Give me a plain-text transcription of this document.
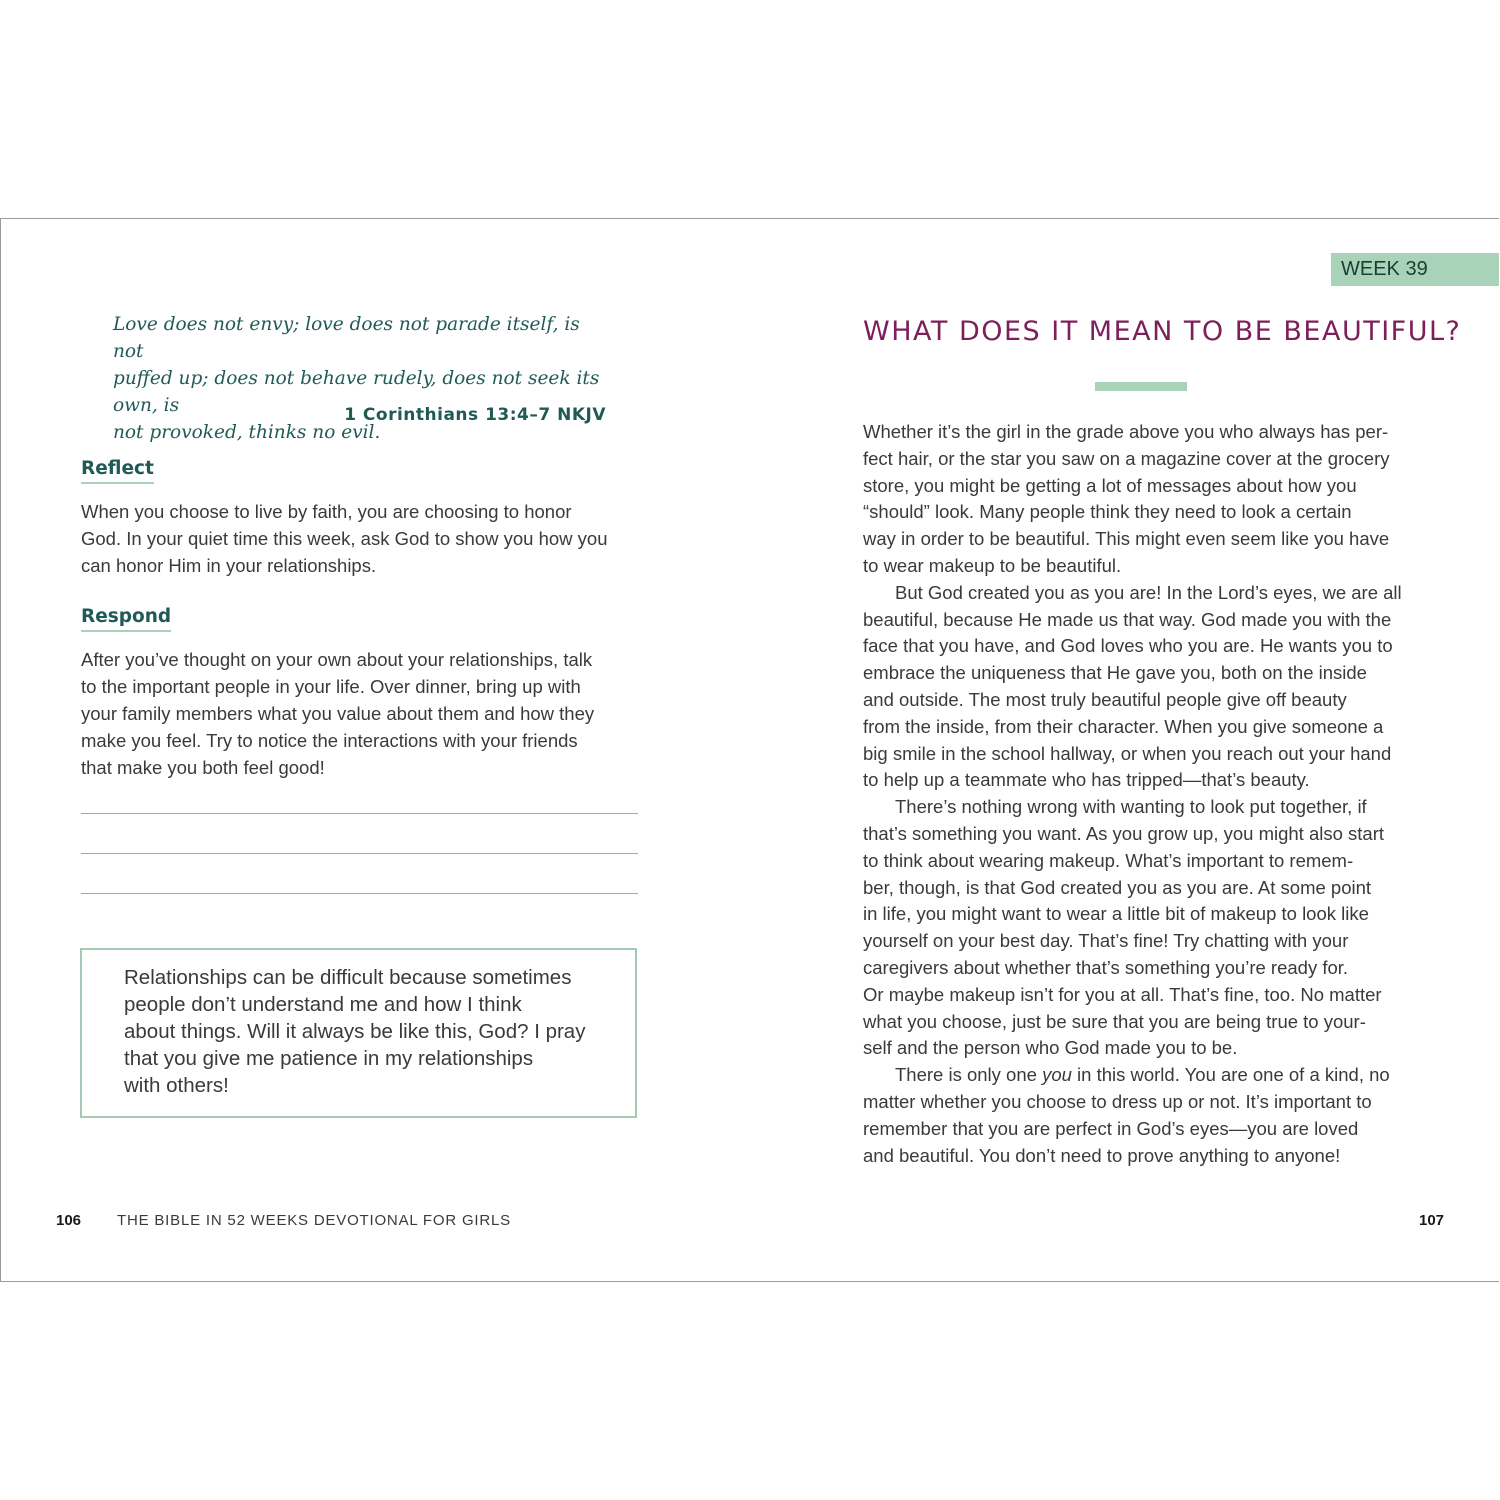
Love does not envy; love does not parade itself, is not
puffed up; does not behave rudely, does not seek its own, is
not provoked, thinks no evil.
1 Corinthians 13:4–7 NKJV
Reflect
When you choose to live by faith, you are choosing to honor
God. In your quiet time this week, ask God to show you how you
can honor Him in your relationships.
Respond
After you’ve thought on your own about your relationships, talk
to the important people in your life. Over dinner, bring up with
your family members what you value about them and how they
make you feel. Try to notice the interactions with your friends
that make you both feel good!
Relationships can be difficult because sometimes
people don’t understand me and how I think
about things. Will it always be like this, God? I pray
that you give me patience in my relationships
with others!
106 THE BIBLE IN 52 WEEKS DEVOTIONAL FOR GIRLS
WEEK 39
WHAT DOES IT MEAN TO BE BEAUTIFUL?

Whether it’s the girl in the grade above you who always has per-
fect hair, or the star you saw on a magazine cover at the grocery
store, you might be getting a lot of messages about how you
“should” look. Many people think they need to look a certain
way in order to be beautiful. This might even seem like you have
to wear makeup to be beautiful.

But God created you as you are! In the Lord’s eyes, we are all
beautiful, because He made us that way. God made you with the
face that you have, and God loves who you are. He wants you to
embrace the uniqueness that He gave you, both on the inside
and outside. The most truly beautiful people give off beauty
from the inside, from their character. When you give someone a
big smile in the school hallway, or when you reach out your hand
to help up a teammate who has tripped—that’s beauty.

There’s nothing wrong with wanting to look put together, if
that’s something you want. As you grow up, you might also start
to think about wearing makeup. What’s important to remem-
ber, though, is that God created you as you are. At some point
in life, you might want to wear a little bit of makeup to look like
yourself on your best day. That’s fine! Try chatting with your
caregivers about whether that’s something you’re ready for.
Or maybe makeup isn’t for you at all. That’s fine, too. No matter
what you choose, just be sure that you are being true to your-
self and the person who God made you to be.

There is only one you in this world. You are one of a kind, no
matter whether you choose to dress up or not. It’s important to
remember that you are perfect in God’s eyes—you are loved
and beautiful. You don’t need to prove anything to anyone!

107
